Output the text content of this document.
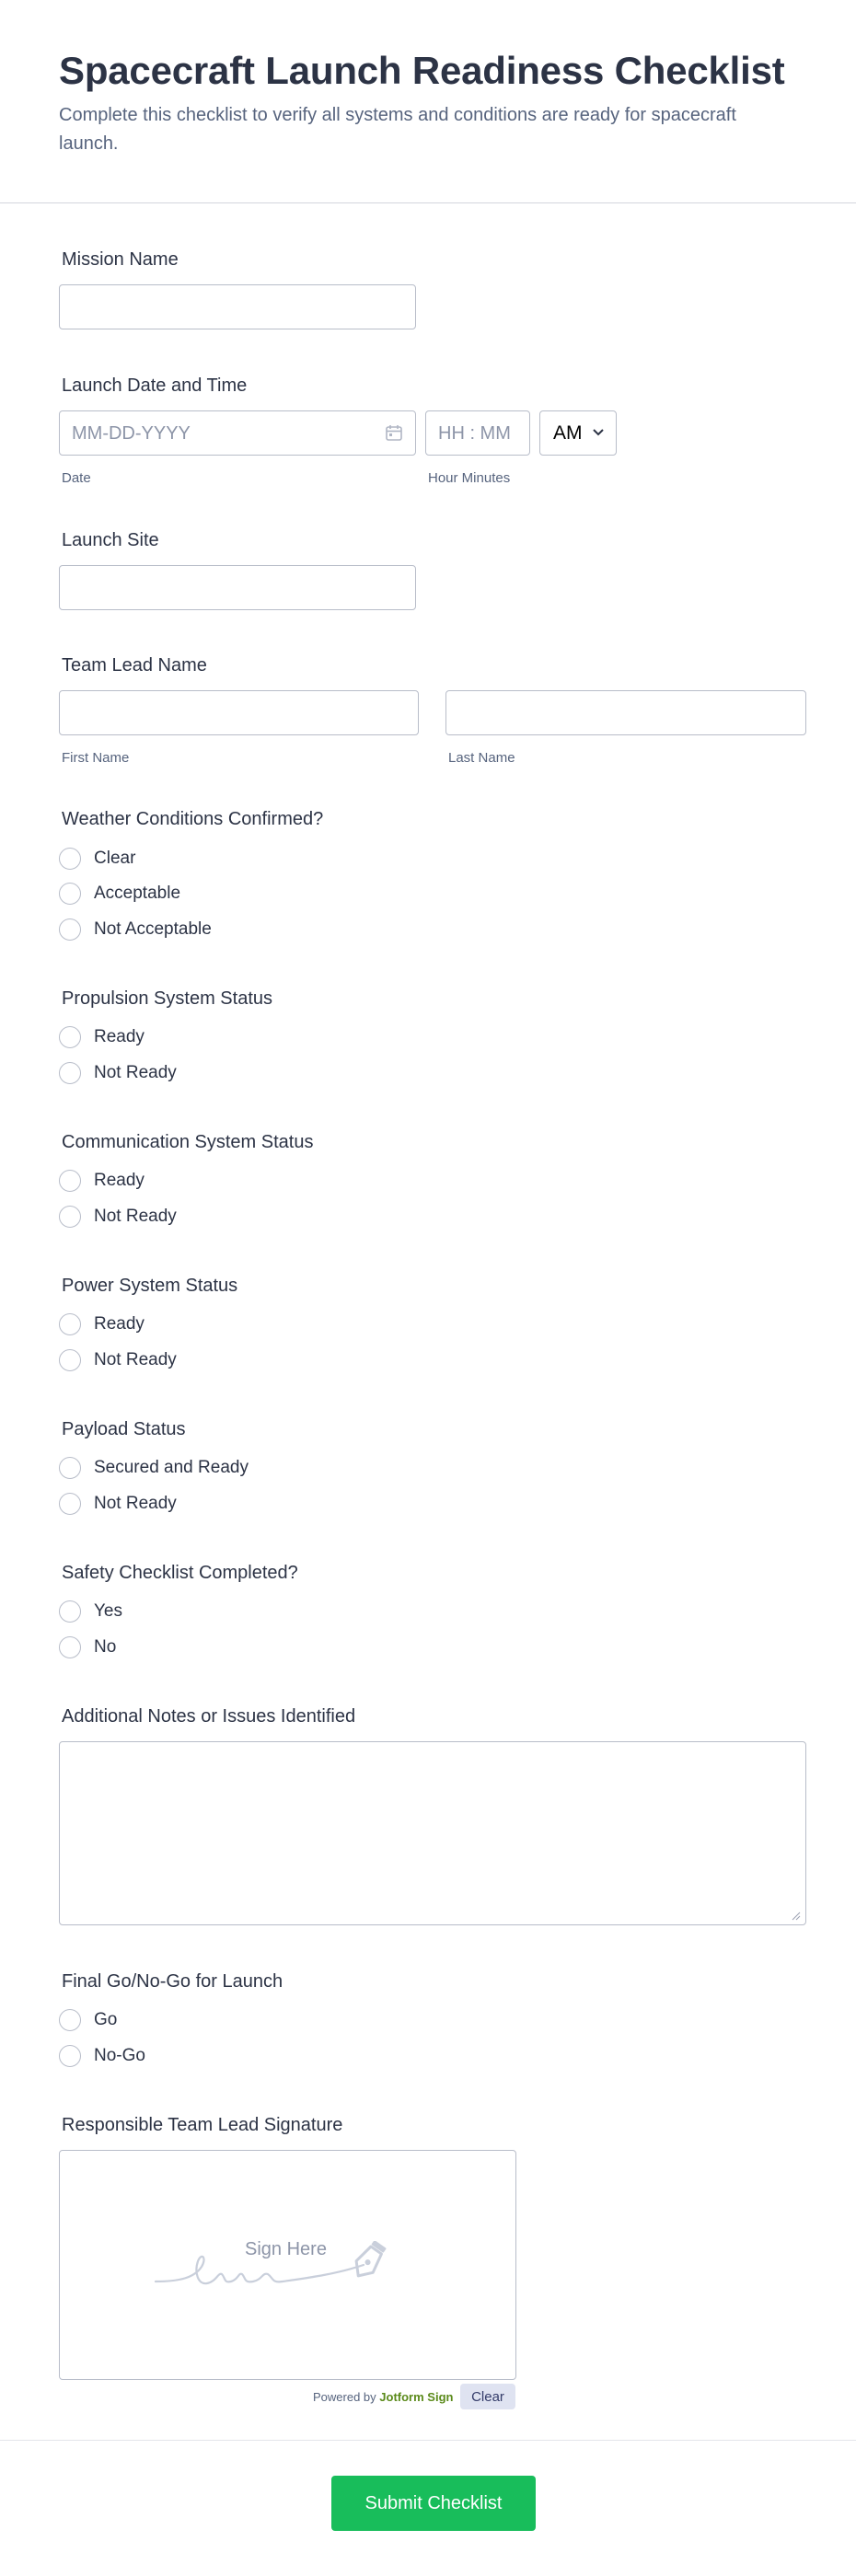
Spacecraft Launch Readiness Checklist

Complete this checklist to verify all systems and conditions are ready for spacecraft launch.

Mission Name
Launch Date and Time
MM-DD-YYYY	HH : MM	AM
Date	Hour Minutes
Launch Site
Team Lead Name
First Name	Last Name
Weather Conditions Confirmed?
Clear
Acceptable
Not Acceptable
Propulsion System Status
Ready
Not Ready
Communication System Status
Ready
Not Ready
Power System Status
Ready
Not Ready
Payload Status
Secured and Ready
Not Ready
Safety Checklist Completed?
Yes
No
Additional Notes or Issues Identified
Final Go/No-Go for Launch
Go
No-Go
Responsible Team Lead Signature
Sign Here
Powered by Jotform Sign	Clear
Submit Checklist
